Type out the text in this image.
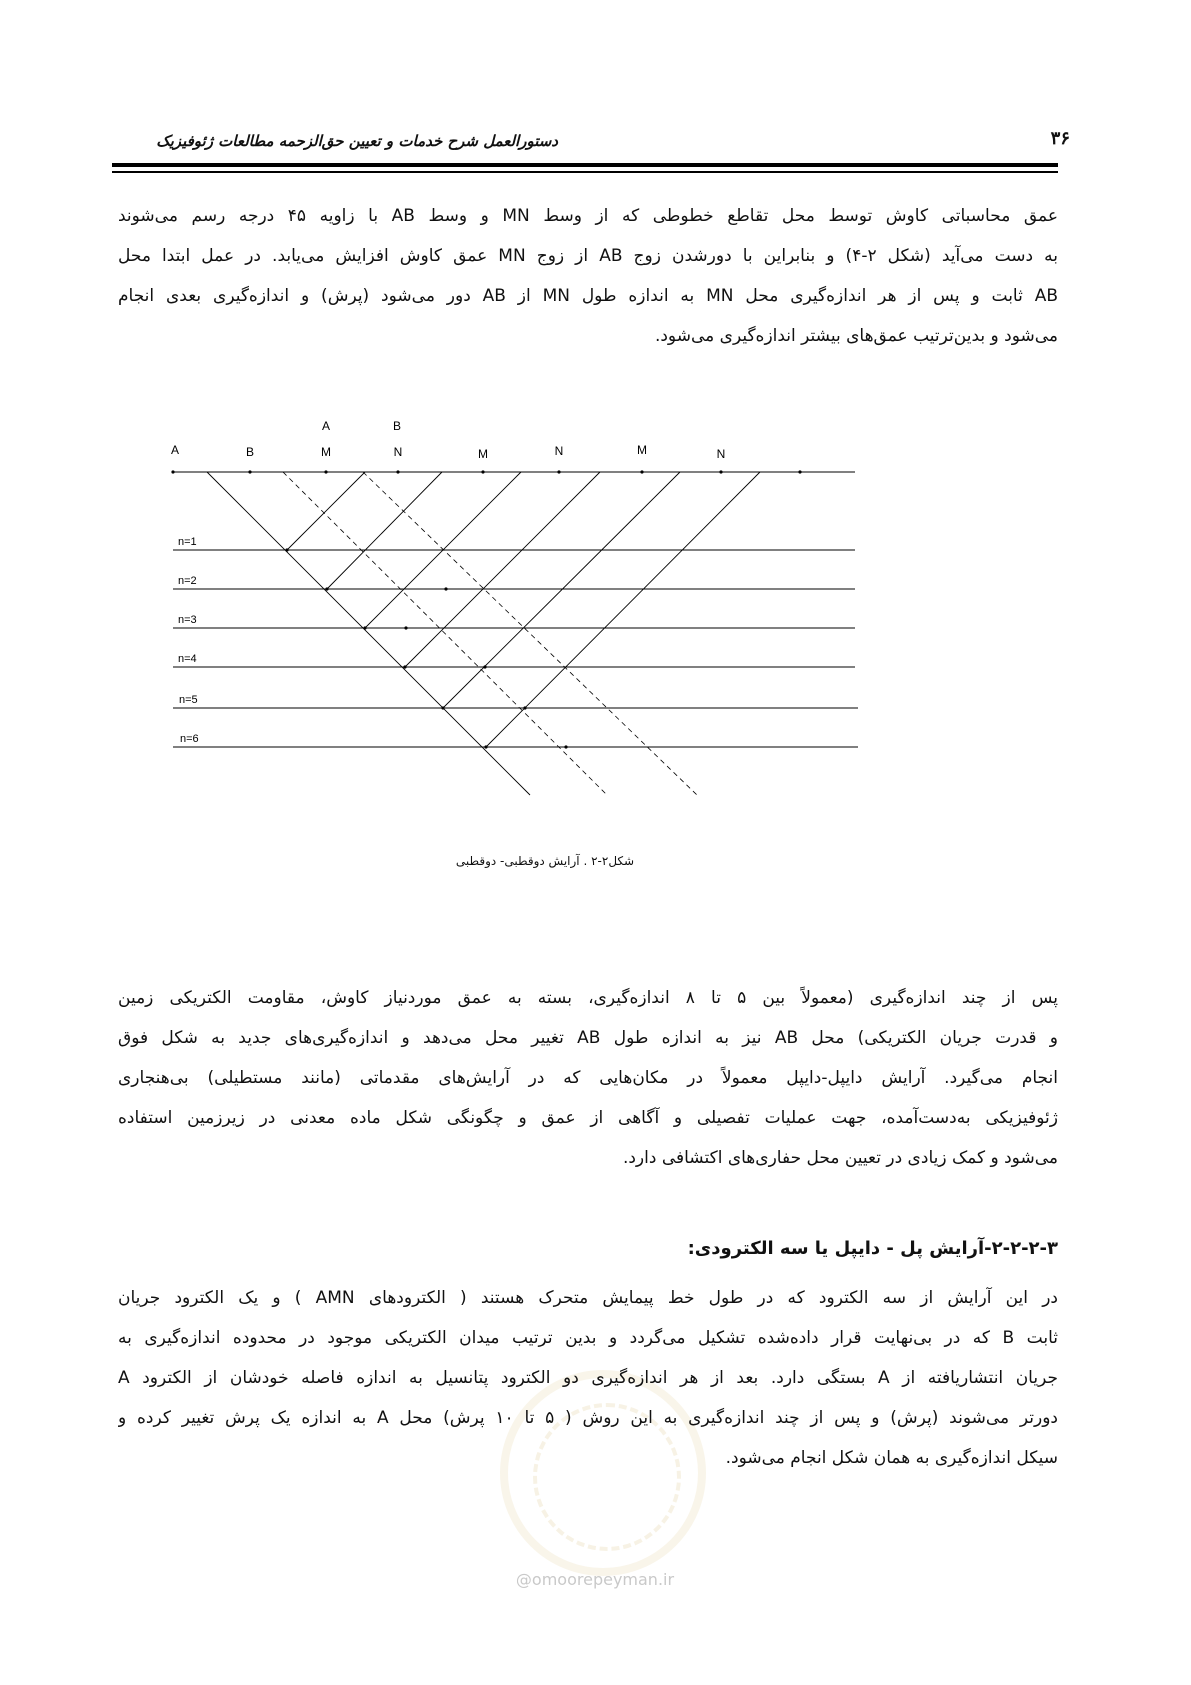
دستورالعمل شرح خدمات و تعیین حق‌الزحمه مطالعات ژئوفیزیک	۳۶
عمق محاسباتی کاوش توسط محل تقاطع خطوطی که از وسط MN و وسط AB با زاویه ۴۵ درجه رسم می‌شوند
به دست می‌آید (شکل ۲-۴) و بنابراین با دورشدن زوج AB از زوج MN عمق کاوش افزایش می‌یابد. در عمل ابتدا محل
AB ثابت و پس از هر اندازه‌گیری محل MN به اندازه طول MN از AB دور می‌شود (پرش) و اندازه‌گیری بعدی انجام
می‌شود و بدین‌ترتیب عمق‌های بیشتر اندازه‌گیری می‌شود.
A	B
A	B	M	N	M	N	M	N
n=1
n=2
n=3
n=4
n=5
n=6
شکل۲-۲ . آرایش دوقطبی- دوقطبی
پس از چند اندازه‌گیری (معمولاً بین ۵ تا ۸ اندازه‌گیری، بسته به عمق موردنیاز کاوش، مقاومت الکتریکی زمین
و قدرت جریان الکتریکی) محل AB نیز به اندازه طول AB تغییر محل می‌دهد و اندازه‌گیری‌های جدید به شکل فوق
انجام می‌گیرد. آرایش دایپل-دایپل معمولاً در مکان‌هایی که در آرایش‌های مقدماتی (مانند مستطیلی) بی‌هنجاری
ژئوفیزیکی به‌دست‌آمده، جهت عملیات تفصیلی و آگاهی از عمق و چگونگی شکل ماده معدنی در زیرزمین استفاده
می‌شود و کمک زیادی در تعیین محل حفاری‌های اکتشافی دارد.
۲-۲-۲-۳-آرایش پل - دایپل یا سه الکترودی:
در این آرایش از سه الکترود که در طول خط پیمایش متحرک هستند ( الکترودهای AMN ) و یک الکترود جریان
ثابت B که در بی‌نهایت قرار داده‌شده تشکیل می‌گردد و بدین ترتیب میدان الکتریکی موجود در محدوده اندازه‌گیری به
جریان انتشاریافته از A بستگی دارد. بعد از هر اندازه‌گیری دو الکترود پتانسیل به اندازه فاصله خودشان از الکترود A
دورتر می‌شوند (پرش) و پس از چند اندازه‌گیری به این روش ( ۵ تا ۱۰ پرش) محل A به اندازه یک پرش تغییر کرده و
سیکل اندازه‌گیری به همان شکل انجام می‌شود.
@omoorepeyman.ir
